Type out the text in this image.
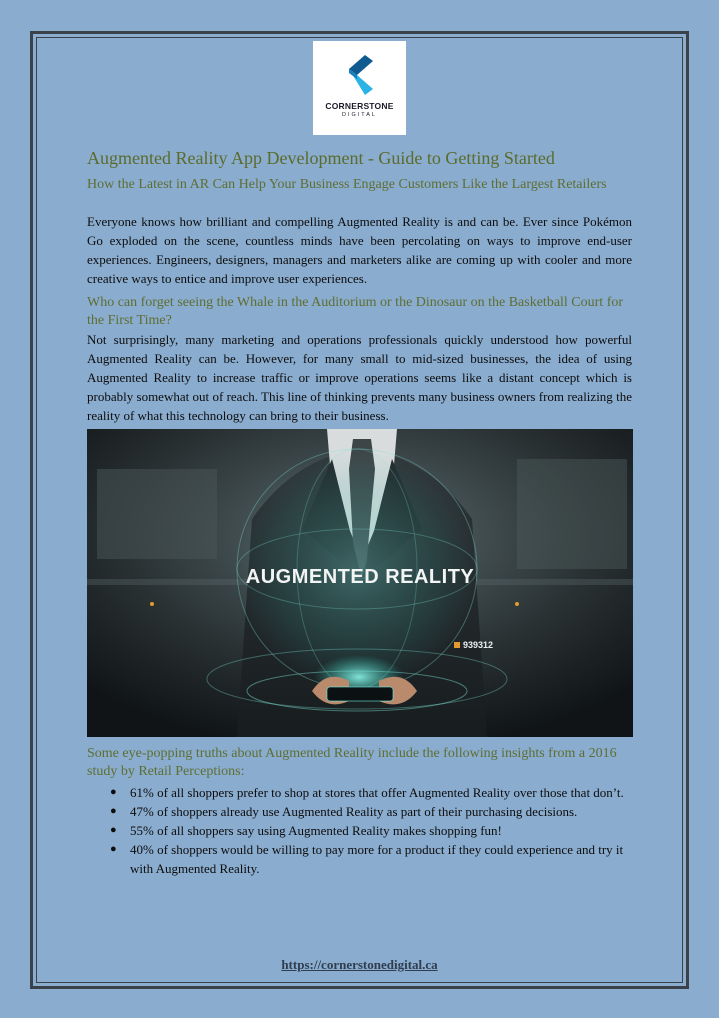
CORNERSTONE
DIGITAL
Augmented Reality App Development - Guide to Getting Started
How the Latest in AR Can Help Your Business Engage Customers Like the Largest Retailers
Everyone knows how brilliant and compelling Augmented Reality is and can be. Ever since Pokémon Go exploded on the scene, countless minds have been percolating on ways to improve end-user experiences. Engineers, designers, managers and marketers alike are coming up with cooler and more creative ways to entice and improve user experiences.
Who can forget seeing the Whale in the Auditorium or the Dinosaur on the Basketball Court for the First Time?
Not surprisingly, many marketing and operations professionals quickly understood how powerful Augmented Reality can be. However, for many small to mid-sized businesses, the idea of using Augmented Reality to increase traffic or improve operations seems like a distant concept which is probably somewhat out of reach. This line of thinking prevents many business owners from realizing the reality of what this technology can bring to their business.
AUGMENTED REALITY
939312
Some eye-popping truths about Augmented Reality include the following insights from a 2016 study by Retail Perceptions:
● 61% of all shoppers prefer to shop at stores that offer Augmented Reality over those that don’t.
● 47% of shoppers already use Augmented Reality as part of their purchasing decisions.
● 55% of all shoppers say using Augmented Reality makes shopping fun!
● 40% of shoppers would be willing to pay more for a product if they could experience and try it with Augmented Reality.
https://cornerstonedigital.ca
